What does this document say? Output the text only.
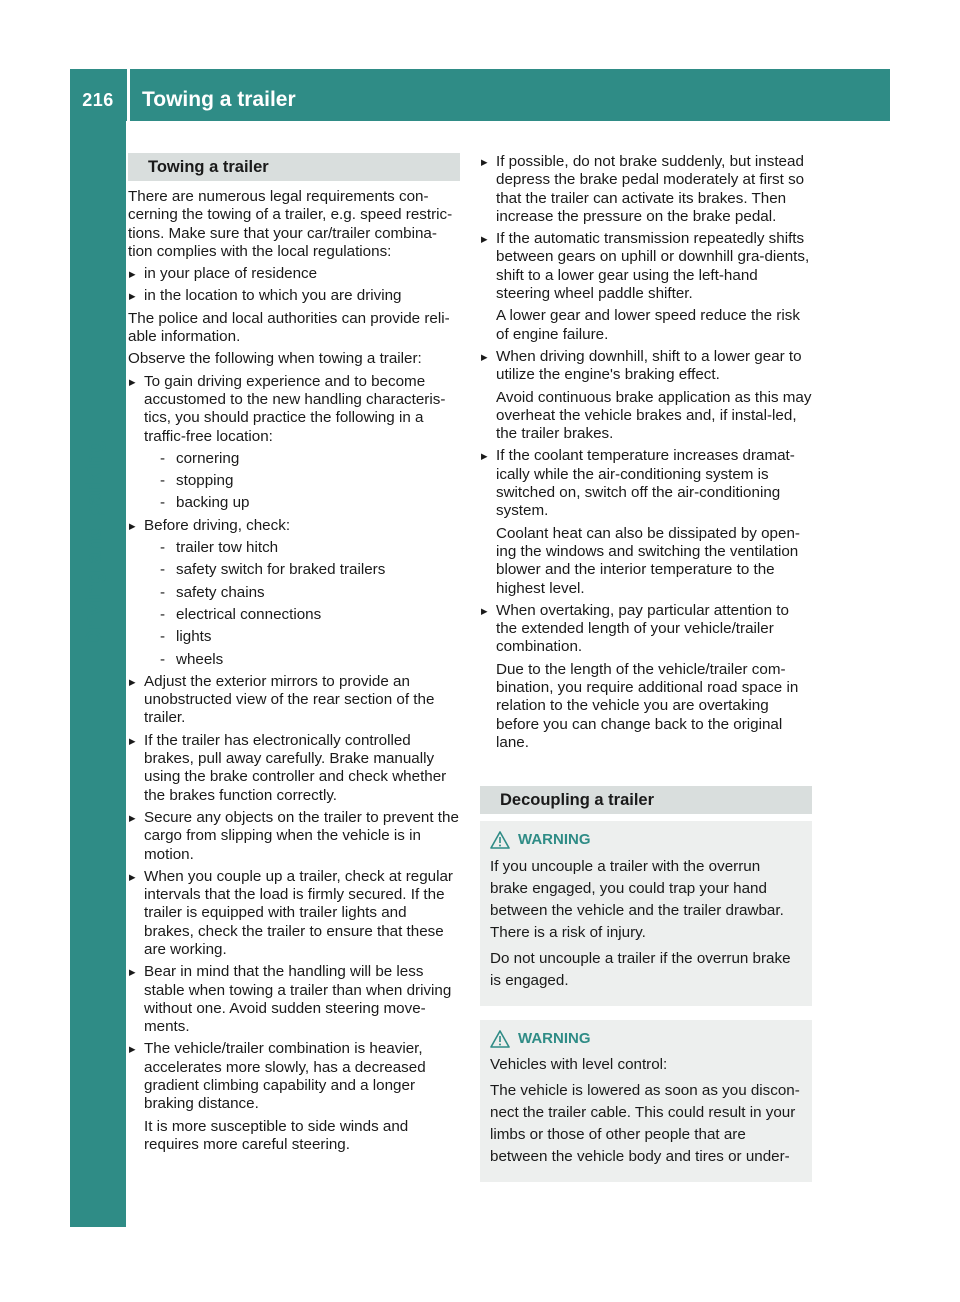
216	Towing a trailer
Driving and parking
Towing a trailer

There are numerous legal requirements con-cerning the towing of a trailer, e.g. speed restric-tions. Make sure that your car/trailer combina-tion complies with the local regulations:

▶ in your place of residence
▶ in the location to which you are driving

The police and local authorities can provide reli-able information.

Observe the following when towing a trailer:

▶ To gain driving experience and to become accustomed to the new handling characteris-tics, you should practice the following in a traffic-free location:
- cornering
- stopping
- backing up
▶ Before driving, check:
- trailer tow hitch
- safety switch for braked trailers
- safety chains
- electrical connections
- lights
- wheels
▶ Adjust the exterior mirrors to provide an unobstructed view of the rear section of the trailer.
▶ If the trailer has electronically controlled brakes, pull away carefully. Brake manually using the brake controller and check whether the brakes function correctly.
▶ Secure any objects on the trailer to prevent the cargo from slipping when the vehicle is in motion.
▶ When you couple up a trailer, check at regular intervals that the load is firmly secured. If the trailer is equipped with trailer lights and brakes, check the trailer to ensure that these are working.
▶ Bear in mind that the handling will be less stable when towing a trailer than when driving without one. Avoid sudden steering move-ments.
▶ The vehicle/trailer combination is heavier, accelerates more slowly, has a decreased gradient climbing capability and a longer braking distance.
It is more susceptible to side winds and requires more careful steering.
▶ If possible, do not brake suddenly, but instead depress the brake pedal moderately at first so that the trailer can activate its brakes. Then increase the pressure on the brake pedal.
▶ If the automatic transmission repeatedly shifts between gears on uphill or downhill gra-dients, shift to a lower gear using the left-hand steering wheel paddle shifter.
A lower gear and lower speed reduce the risk of engine failure.
▶ When driving downhill, shift to a lower gear to utilize the engine's braking effect.
Avoid continuous brake application as this may overheat the vehicle brakes and, if instal-led, the trailer brakes.
▶ If the coolant temperature increases dramat-ically while the air-conditioning system is switched on, switch off the air-conditioning system.
Coolant heat can also be dissipated by open-ing the windows and switching the ventilation blower and the interior temperature to the highest level.
▶ When overtaking, pay particular attention to the extended length of your vehicle/trailer combination.
Due to the length of the vehicle/trailer com-bination, you require additional road space in relation to the vehicle you are overtaking before you can change back to the original lane.
Decoupling a trailer
WARNING

If you uncouple a trailer with the overrun brake engaged, you could trap your hand between the vehicle and the trailer drawbar. There is a risk of injury.

Do not uncouple a trailer if the overrun brake is engaged.

WARNING

Vehicles with level control:

The vehicle is lowered as soon as you discon-nect the trailer cable. This could result in your limbs or those of other people that are between the vehicle body and tires or under-
